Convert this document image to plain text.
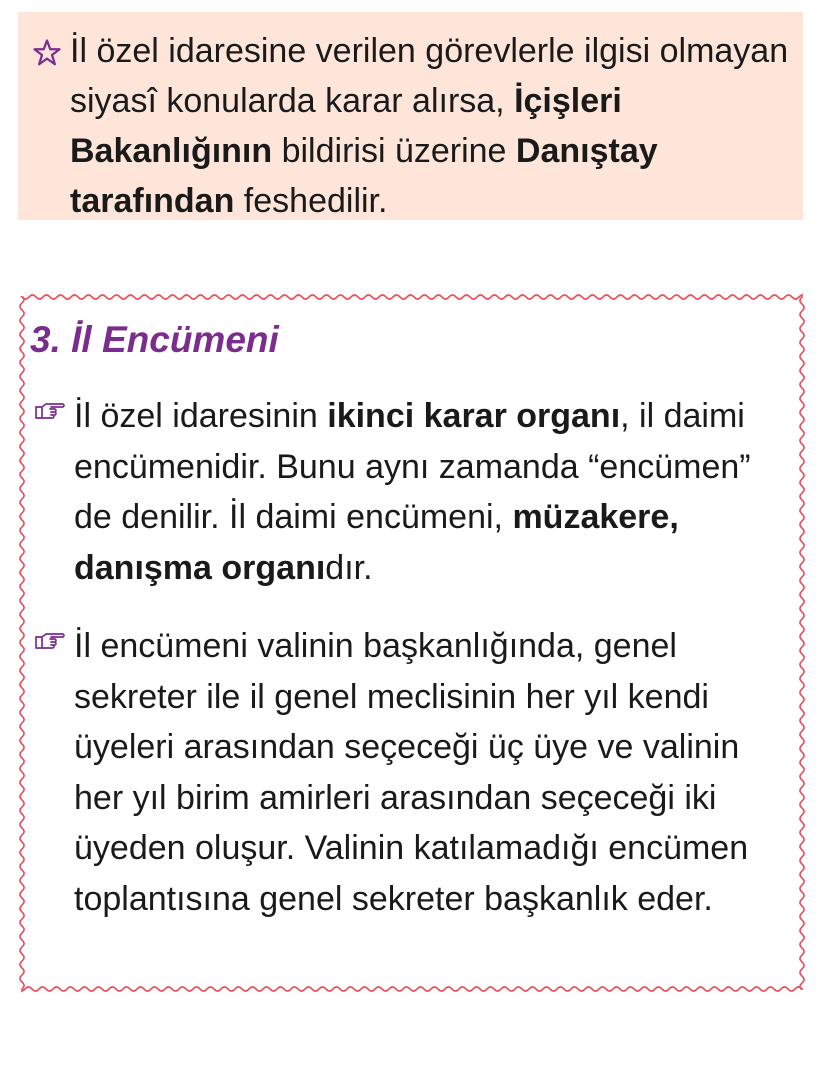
İl özel idaresine verilen görevlerle ilgisi olmayan siyasî konularda karar alırsa, İçişleri Bakanlığının bildirisi üzerine Danıştay tarafından feshedilir.
3. İl Encümeni
İl özel idaresinin ikinci karar organı, il daimi encümenidir. Bunu aynı zamanda “encümen” de denilir. İl daimi encümeni, müzakere, danışma organıdır.
İl encümeni valinin başkanlığında, genel sekreter ile il genel meclisinin her yıl kendi üyeleri arasından seçeceği üç üye ve valinin her yıl birim amirleri arasından seçeceği iki üyeden oluşur. Valinin katılamadığı encümen toplantısına genel sekreter başkanlık eder.
